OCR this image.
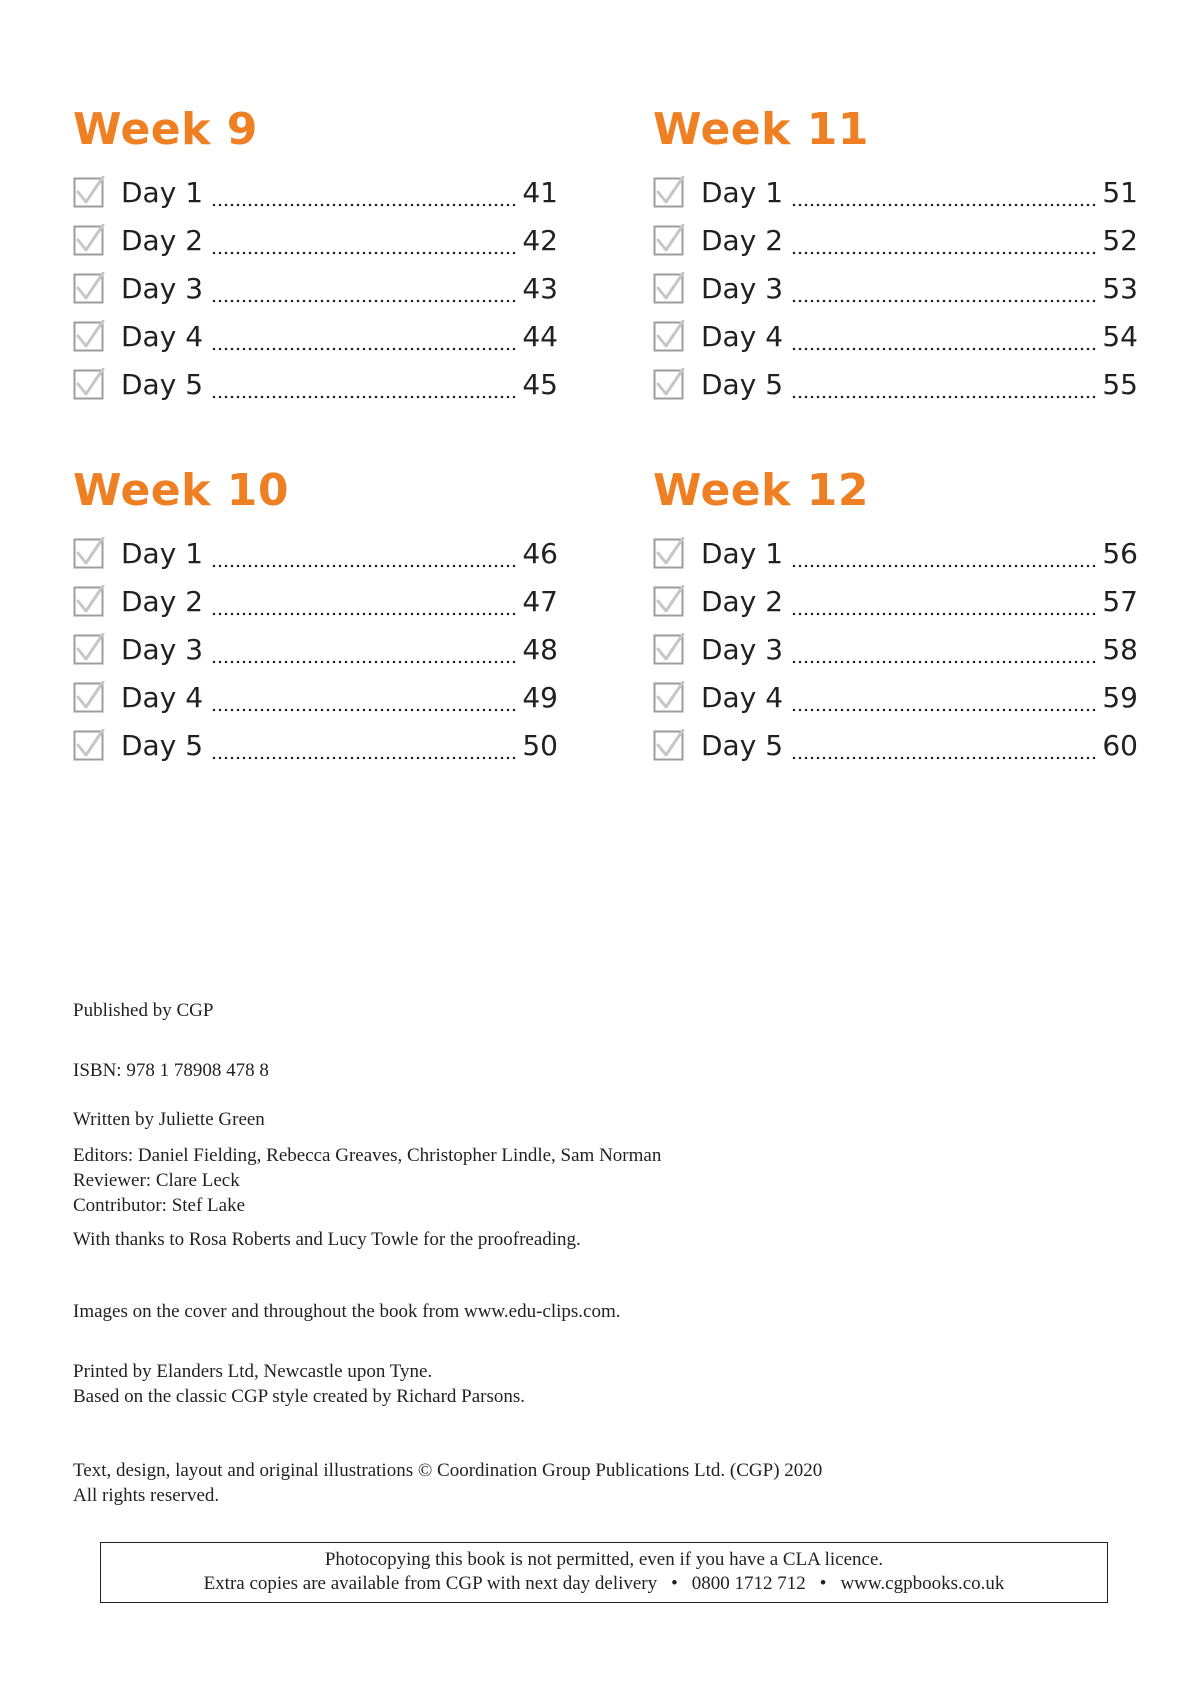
Week 9
Day 1	41
Day 2	42
Day 3	43
Day 4	44
Day 5	45
Week 11
Day 1	51
Day 2	52
Day 3	53
Day 4	54
Day 5	55
Week 10
Day 1	46
Day 2	47
Day 3	48
Day 4	49
Day 5	50
Week 12
Day 1	56
Day 2	57
Day 3	58
Day 4	59
Day 5	60

Published by CGP

ISBN: 978 1 78908 478 8

Written by Juliette Green

Editors: Daniel Fielding, Rebecca Greaves, Christopher Lindle, Sam Norman

Reviewer: Clare Leck

Contributor: Stef Lake

With thanks to Rosa Roberts and Lucy Towle for the proofreading.

Images on the cover and throughout the book from www.edu-clips.com.

Printed by Elanders Ltd, Newcastle upon Tyne.

Based on the classic CGP style created by Richard Parsons.

Text, design, layout and original illustrations © Coordination Group Publications Ltd. (CGP) 2020

All rights reserved.

Photocopying this book is not permitted, even if you have a CLA licence.

Extra copies are available from CGP with next day delivery • 0800 1712 712 • www.cgpbooks.co.uk
